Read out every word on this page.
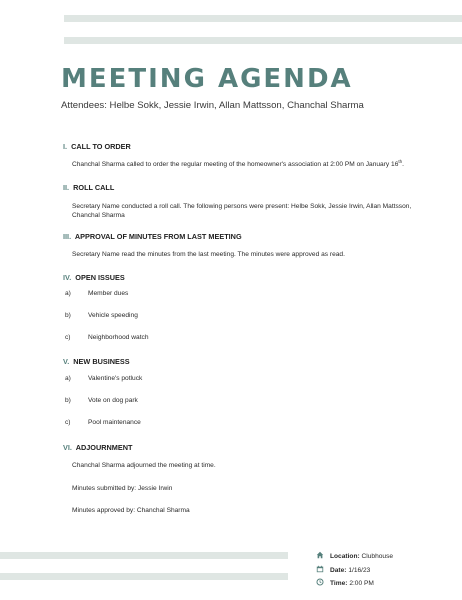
MEETING AGENDA
Attendees: Helbe Sokk, Jessie Irwin, Allan Mattsson, Chanchal Sharma
I. CALL TO ORDER
Chanchal Sharma called to order the regular meeting of the homeowner's association at 2:00 PM on January 16th.
II. ROLL CALL
Secretary Name conducted a roll call. The following persons were present: Helbe Sokk, Jessie Irwin, Allan Mattsson, Chanchal Sharma
III. APPROVAL OF MINUTES FROM LAST MEETING
Secretary Name read the minutes from the last meeting. The minutes were approved as read.
IV. OPEN ISSUES
a)	Member dues
b)	Vehicle speeding
c)	Neighborhood watch
V. NEW BUSINESS
a)	Valentine's potluck
b)	Vote on dog park
c)	Pool maintenance
VI. ADJOURNMENT
Chanchal Sharma adjourned the meeting at time.
Minutes submitted by: Jessie Irwin
Minutes approved by: Chanchal Sharma
Location: Clubhouse
Date: 1/16/23
Time: 2:00 PM
